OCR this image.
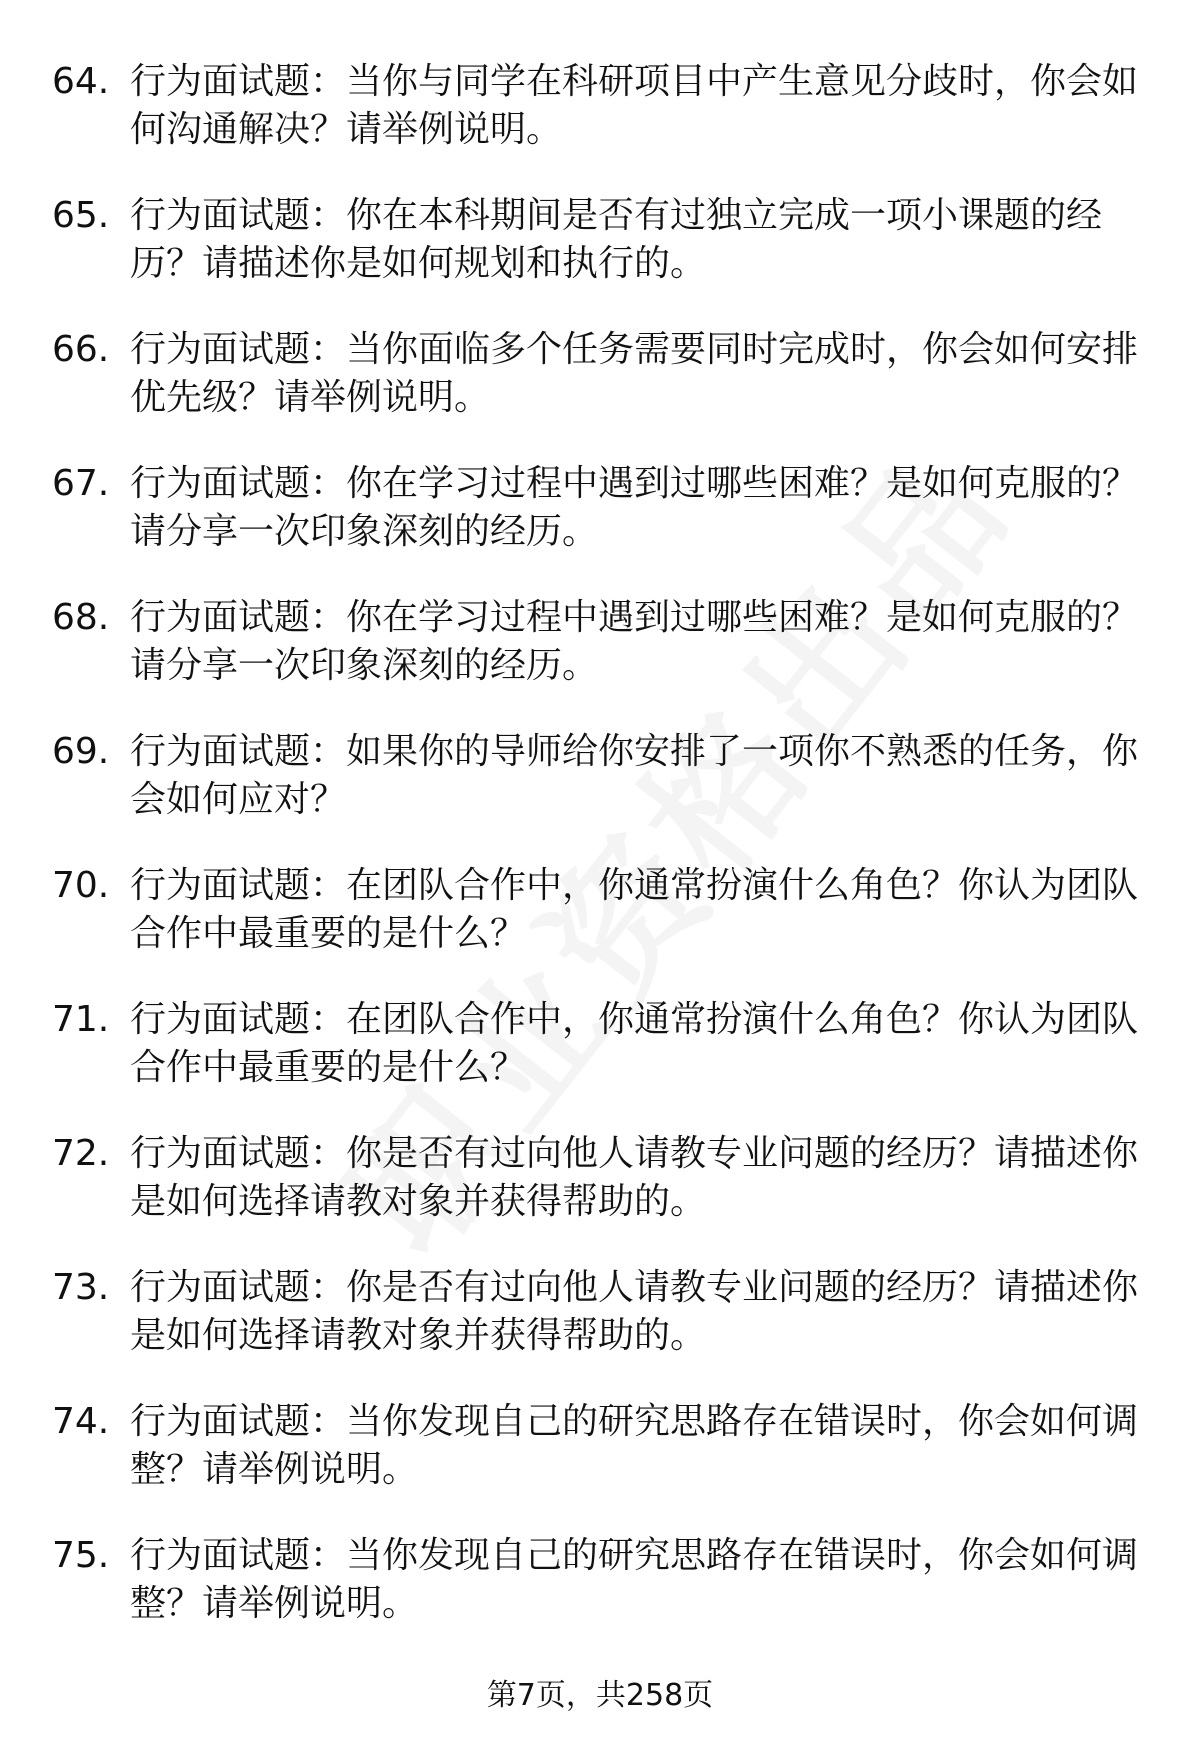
64. 行为面试题：当你与同学在科研项目中产生意见分歧时，你会如何沟通解决？请举例说明。
65. 行为面试题：你在本科期间是否有过独立完成一项小课题的经历？请描述你是如何规划和执行的。
66. 行为面试题：当你面临多个任务需要同时完成时，你会如何安排优先级？请举例说明。
67. 行为面试题：你在学习过程中遇到过哪些困难？是如何克服的？请分享一次印象深刻的经历。
68. 行为面试题：你在学习过程中遇到过哪些困难？是如何克服的？请分享一次印象深刻的经历。
69. 行为面试题：如果你的导师给你安排了一项你不熟悉的任务，你会如何应对？
70. 行为面试题：在团队合作中，你通常扮演什么角色？你认为团队合作中最重要的是什么？
71. 行为面试题：在团队合作中，你通常扮演什么角色？你认为团队合作中最重要的是什么？
72. 行为面试题：你是否有过向他人请教专业问题的经历？请描述你是如何选择请教对象并获得帮助的。
73. 行为面试题：你是否有过向他人请教专业问题的经历？请描述你是如何选择请教对象并获得帮助的。
74. 行为面试题：当你发现自己的研究思路存在错误时，你会如何调整？请举例说明。
75. 行为面试题：当你发现自己的研究思路存在错误时，你会如何调整？请举例说明。
第7页，共258页
